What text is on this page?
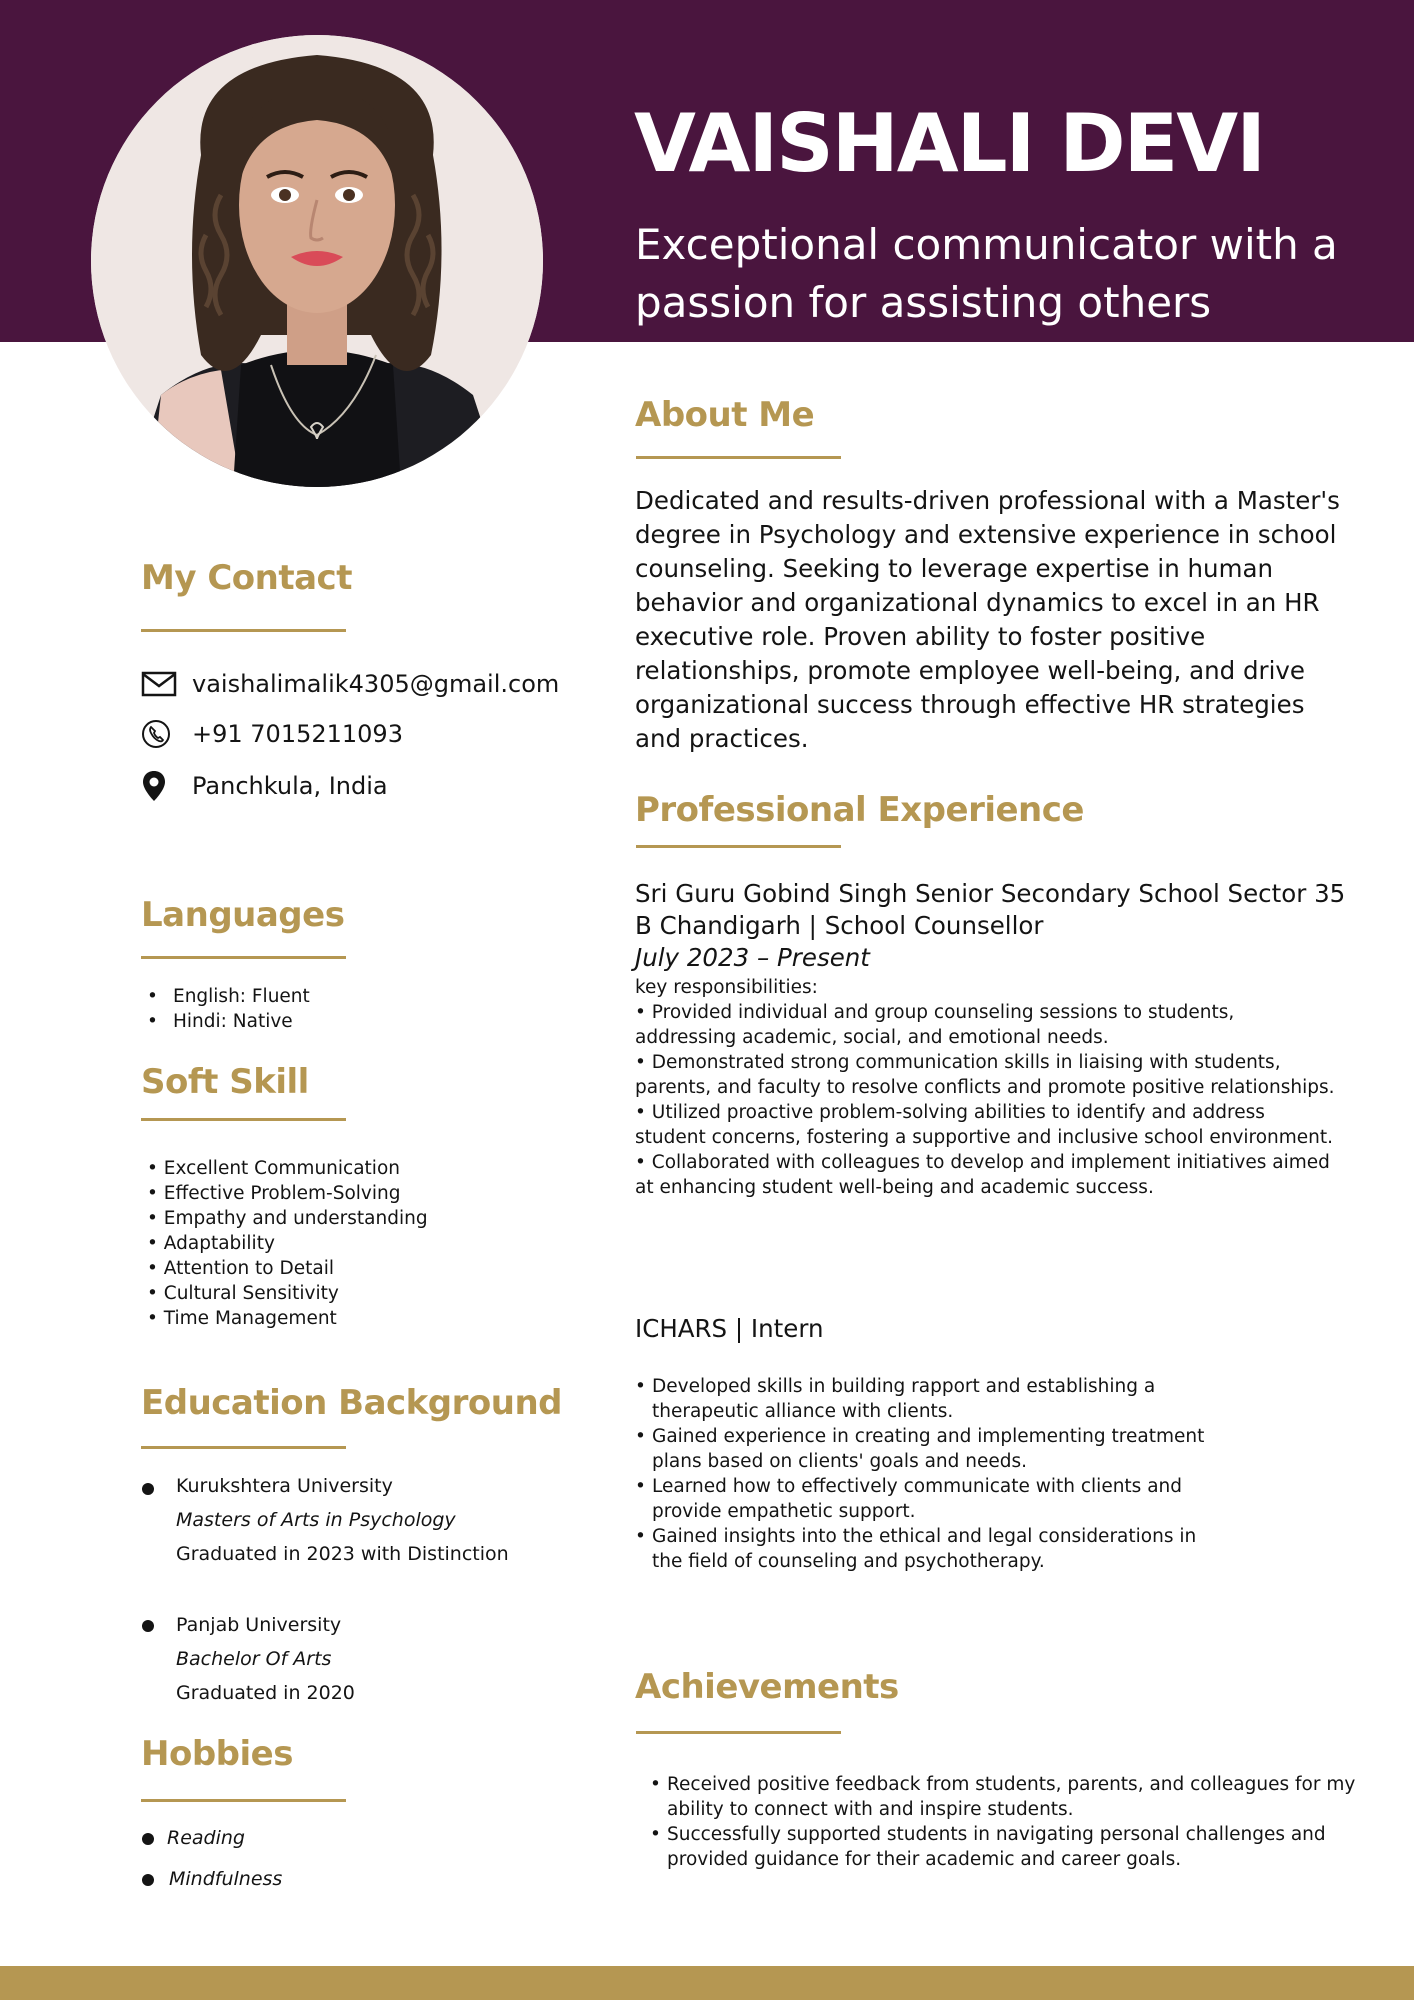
VAISHALI DEVI

Exceptional communicator with a passion for assisting others

About Me

Dedicated and results-driven professional with a Master's degree in Psychology and extensive experience in school counseling. Seeking to leverage expertise in human behavior and organizational dynamics to excel in an HR executive role. Proven ability to foster positive relationships, promote employee well-being, and drive organizational success through effective HR strategies and practices.

My Contact
vaishalimalik4305@gmail.com
+91 7015211093
Panchkula, India
Languages
• English: Fluent
• Hindi: Native
Soft Skill
• Excellent Communication
• Effective Problem-Solving
• Empathy and understanding
• Adaptability
• Attention to Detail
• Cultural Sensitivity
• Time Management
Education Background
Kurukshtera University
Masters of Arts in Psychology
Graduated in 2023 with Distinction
Panjab University
Bachelor Of Arts
Graduated in 2020
Hobbies
Reading
Mindfulness
Professional Experience

Sri Guru Gobind Singh Senior Secondary School Sector 35 B Chandigarh | School Counsellor

July 2023 – Present

key responsibilities:
• Provided individual and group counseling sessions to students, addressing academic, social, and emotional needs.
• Demonstrated strong communication skills in liaising with students, parents, and faculty to resolve conflicts and promote positive relationships.
• Utilized proactive problem-solving abilities to identify and address student concerns, fostering a supportive and inclusive school environment.
• Collaborated with colleagues to develop and implement initiatives aimed at enhancing student well-being and academic success.

ICHARS | Intern

• Developed skills in building rapport and establishing a therapeutic alliance with clients.
• Gained experience in creating and implementing treatment plans based on clients' goals and needs.
• Learned how to effectively communicate with clients and provide empathetic support.
• Gained insights into the ethical and legal considerations in the field of counseling and psychotherapy.
Achievements
• Received positive feedback from students, parents, and colleagues for my ability to connect with and inspire students.
• Successfully supported students in navigating personal challenges and provided guidance for their academic and career goals.
